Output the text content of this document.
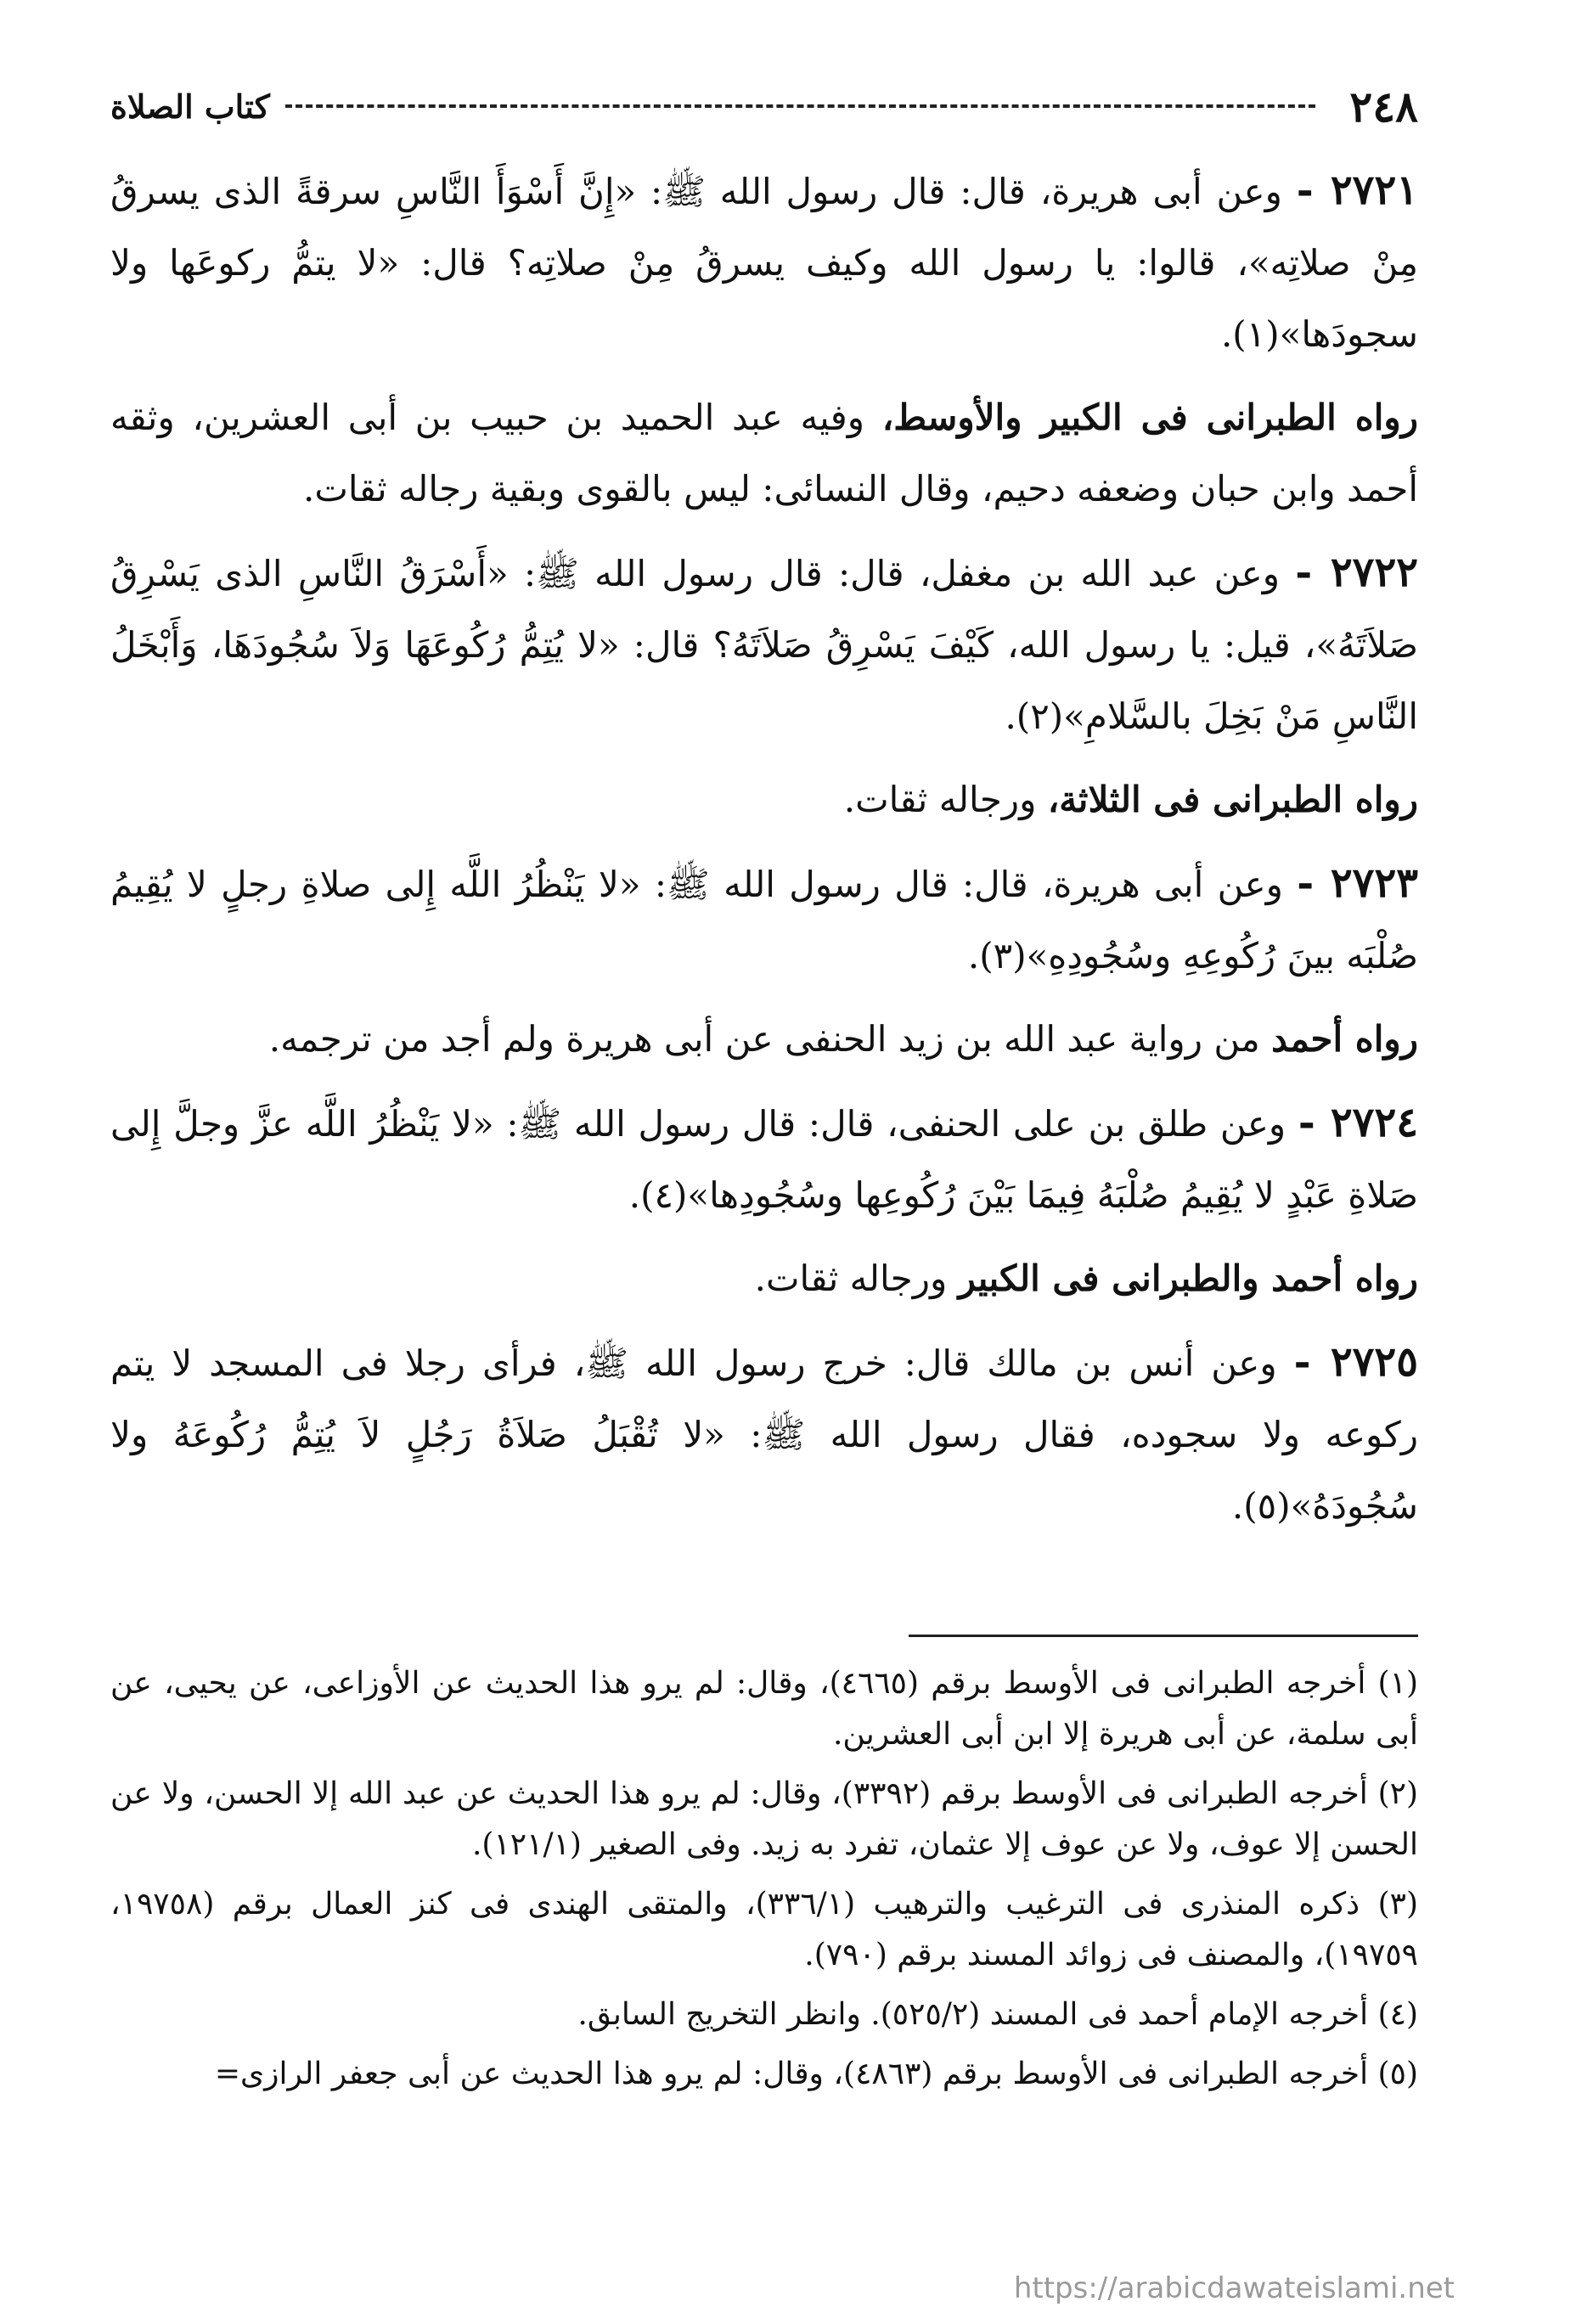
٢٤٨
كتاب الصلاة

٢٧٢١ - وعن أبى هريرة، قال: قال رسول الله ﷺ: «إِنَّ أَسْوَأَ النَّاسِ سرقةً الذى يسرقُ مِنْ صلاتِه»، قالوا: يا رسول الله وكيف يسرقُ مِنْ صلاتِه؟ قال: «لا يتمُّ ركوعَها ولا سجودَها»(١).

رواه الطبرانى فى الكبير والأوسط، وفيه عبد الحميد بن حبيب بن أبى العشرين، وثقه أحمد وابن حبان وضعفه دحيم، وقال النسائى: ليس بالقوى وبقية رجاله ثقات.

٢٧٢٢ - وعن عبد الله بن مغفل، قال: قال رسول الله ﷺ: «أَسْرَقُ النَّاسِ الذى يَسْرِقُ صَلاَتَهُ»، قيل: يا رسول الله، كَيْفَ يَسْرِقُ صَلاَتَهُ؟ قال: «لا يُتِمُّ رُكُوعَهَا وَلاَ سُجُودَهَا، وَأَبْخَلُ النَّاسِ مَنْ بَخِلَ بالسَّلامِ»(٢).

رواه الطبرانى فى الثلاثة، ورجاله ثقات.

٢٧٢٣ - وعن أبى هريرة، قال: قال رسول الله ﷺ: «لا يَنْظُرُ اللَّه إِلى صلاةِ رجلٍ لا يُقِيمُ صُلْبَه بينَ رُكُوعِهِ وسُجُودِهِ»(٣).

رواه أحمد من رواية عبد الله بن زيد الحنفى عن أبى هريرة ولم أجد من ترجمه.

٢٧٢٤ - وعن طلق بن على الحنفى، قال: قال رسول الله ﷺ: «لا يَنْظُرُ اللَّه عزَّ وجلَّ إِلى صَلاةِ عَبْدٍ لا يُقِيمُ صُلْبَهُ فِيمَا بَيْنَ رُكُوعِها وسُجُودِها»(٤).

رواه أحمد والطبرانى فى الكبير ورجاله ثقات.

٢٧٢٥ - وعن أنس بن مالك قال: خرج رسول الله ﷺ، فرأى رجلا فى المسجد لا يتم ركوعه ولا سجوده، فقال رسول الله ﷺ: «لا تُقْبَلُ صَلاَةُ رَجُلٍ لاَ يُتِمُّ رُكُوعَهُ ولا سُجُودَهُ»(٥).

(١) أخرجه الطبرانى فى الأوسط برقم (٤٦٦٥)، وقال: لم يرو هذا الحديث عن الأوزاعى، عن يحيى، عن أبى سلمة، عن أبى هريرة إلا ابن أبى العشرين.

(٢) أخرجه الطبرانى فى الأوسط برقم (٣٣٩٢)، وقال: لم يرو هذا الحديث عن عبد الله إلا الحسن، ولا عن الحسن إلا عوف، ولا عن عوف إلا عثمان، تفرد به زيد. وفى الصغير (١٢١/١).

(٣) ذكره المنذرى فى الترغيب والترهيب (٣٣٦/١)، والمتقى الهندى فى كنز العمال برقم (١٩٧٥٨، ١٩٧٥٩)، والمصنف فى زوائد المسند برقم (٧٩٠).

(٤) أخرجه الإمام أحمد فى المسند (٥٢٥/٢). وانظر التخريج السابق.

(٥) أخرجه الطبرانى فى الأوسط برقم (٤٨٦٣)، وقال: لم يرو هذا الحديث عن أبى جعفر الرازى=

https://arabicdawateislami.net
